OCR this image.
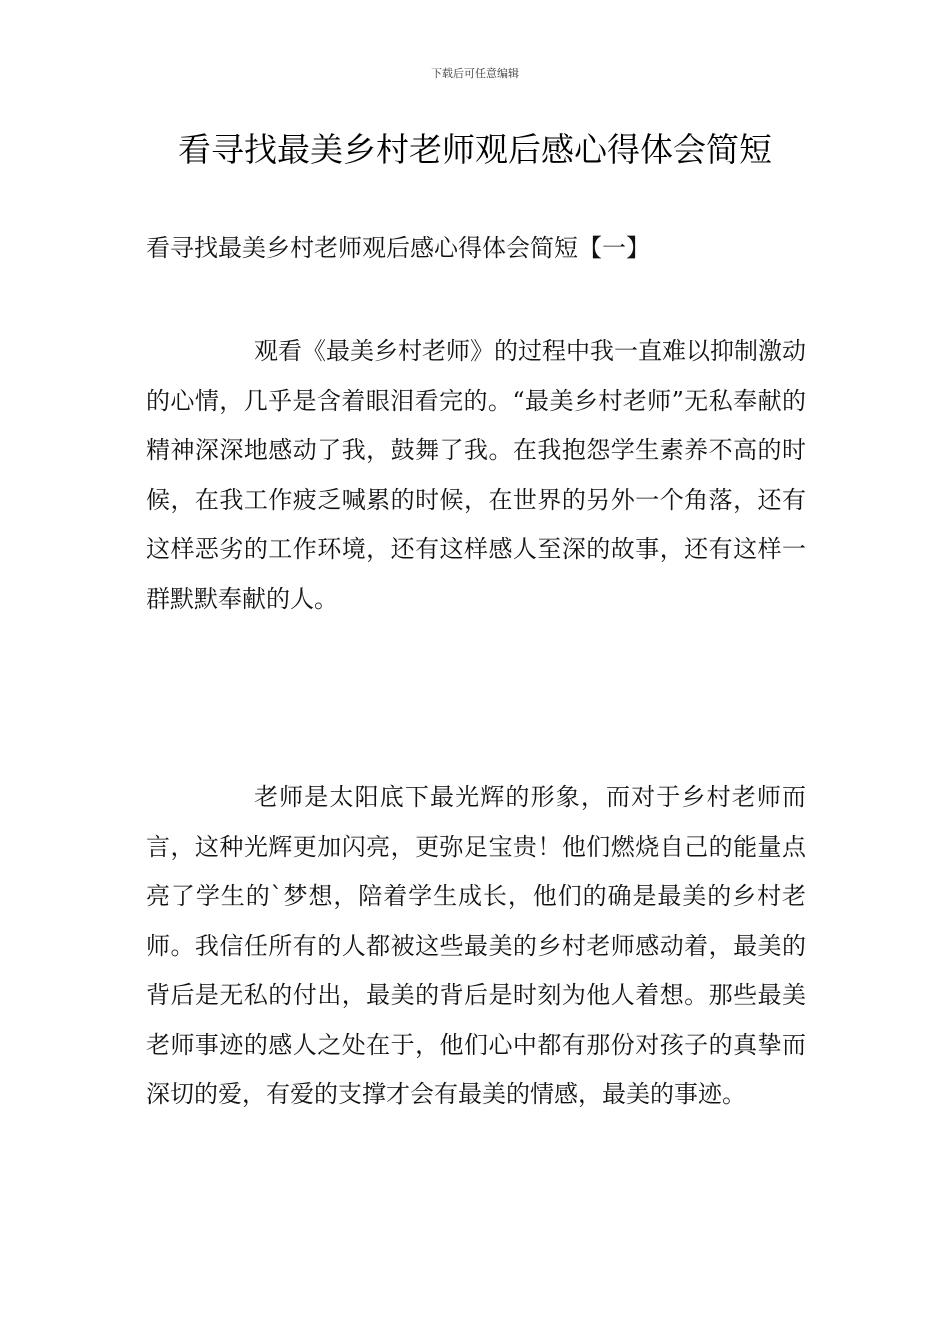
下载后可任意编辑
看寻找最美乡村老师观后感心得体会简短
看寻找最美乡村老师观后感心得体会简短【一】

观看《最美乡村老师》的过程中我一直难以抑制激动的心情，几乎是含着眼泪看完的。“最美乡村老师”无私奉献的精神深深地感动了我，鼓舞了我。在我抱怨学生素养不高的时候，在我工作疲乏喊累的时候，在世界的另外一个角落，还有这样恶劣的工作环境，还有这样感人至深的故事，还有这样一群默默奉献的人。

老师是太阳底下最光辉的形象，而对于乡村老师而言，这种光辉更加闪亮，更弥足宝贵！他们燃烧自己的能量点亮了学生的`梦想，陪着学生成长，他们的确是最美的乡村老师。我信任所有的人都被这些最美的乡村老师感动着，最美的背后是无私的付出，最美的背后是时刻为他人着想。那些最美老师事迹的感人之处在于，他们心中都有那份对孩子的真挚而深切的爱，有爱的支撑才会有最美的情感，最美的事迹。
